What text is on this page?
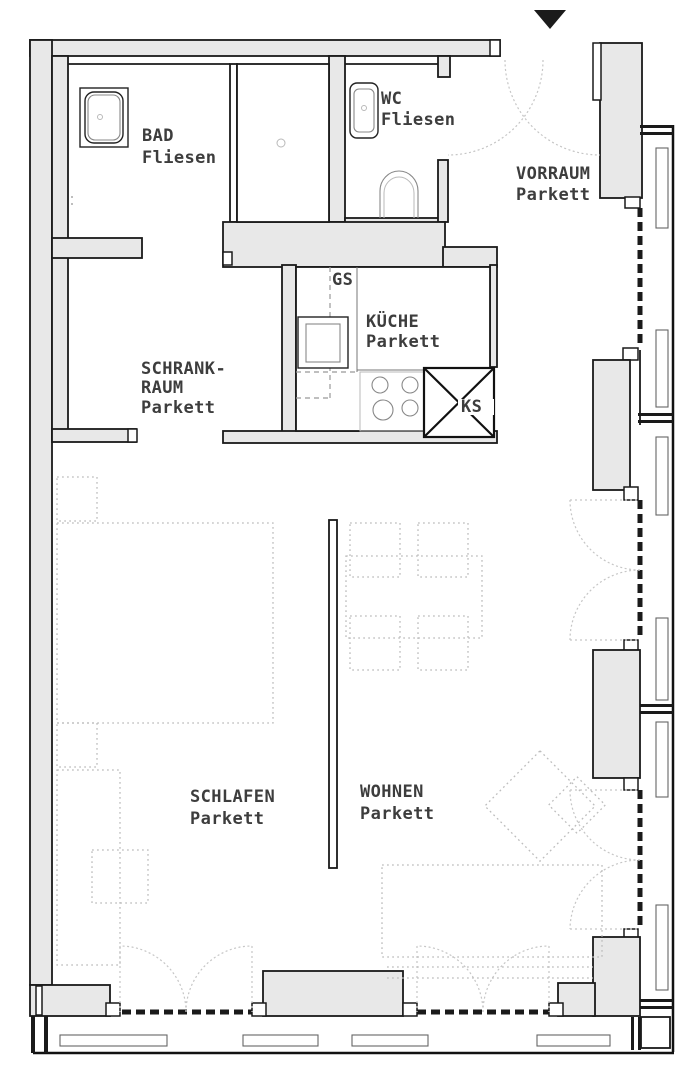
BAD
Fliesen
WC
Fliesen
VORRAUM
Parkett
SCHRANK-
RAUM
Parkett
KÜCHE
Parkett
GS
KS
SCHLAFEN
Parkett
WOHNEN
Parkett
